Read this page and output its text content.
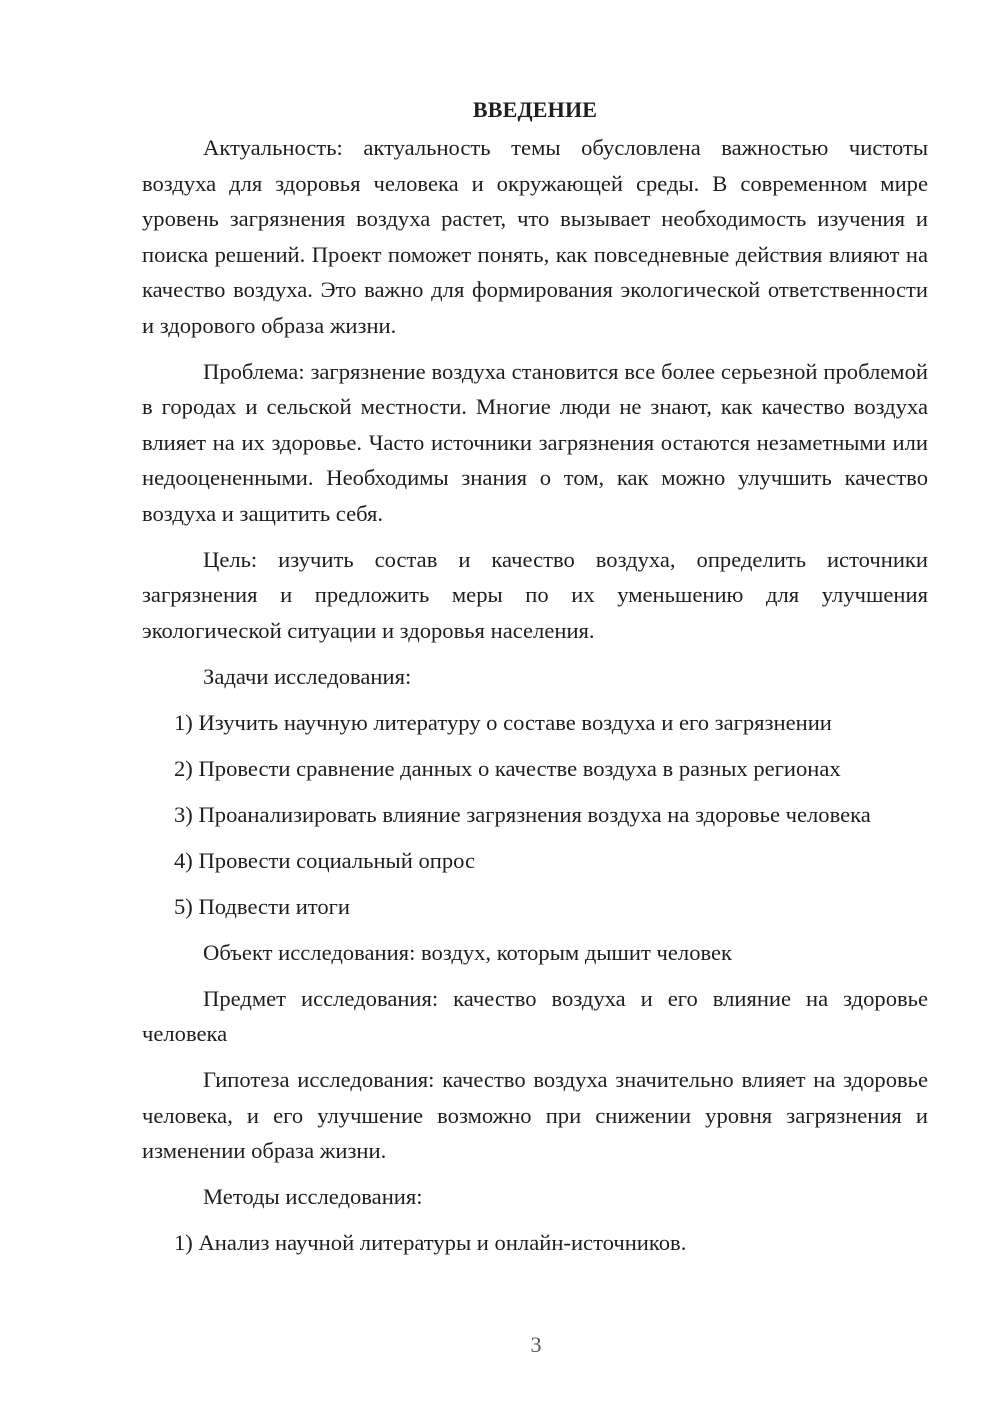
ВВЕДЕНИЕ

Актуальность: актуальность темы обусловлена важностью чистоты воздуха для здоровья человека и окружающей среды. В современном мире уровень загрязнения воздуха растет, что вызывает необходимость изучения и поиска решений. Проект поможет понять, как повседневные действия влияют на качество воздуха. Это важно для формирования экологической ответственности и здорового образа жизни.

Проблема: загрязнение воздуха становится все более серьезной проблемой в городах и сельской местности. Многие люди не знают, как качество воздуха влияет на их здоровье. Часто источники загрязнения остаются незаметными или недооцененными. Необходимы знания о том, как можно улучшить качество воздуха и защитить себя.

Цель: изучить состав и качество воздуха, определить источники загрязнения и предложить меры по их уменьшению для улучшения экологической ситуации и здоровья населения.

Задачи исследования:

1) Изучить научную литературу о составе воздуха и его загрязнении

2) Провести сравнение данных о качестве воздуха в разных регионах

3) Проанализировать влияние загрязнения воздуха на здоровье человека

4) Провести социальный опрос

5) Подвести итоги

Объект исследования: воздух, которым дышит человек

Предмет исследования: качество воздуха и его влияние на здоровье человека

Гипотеза исследования: качество воздуха значительно влияет на здоровье человека, и его улучшение возможно при снижении уровня загрязнения и изменении образа жизни.

Методы исследования:

1) Анализ научной литературы и онлайн-источников.

3
